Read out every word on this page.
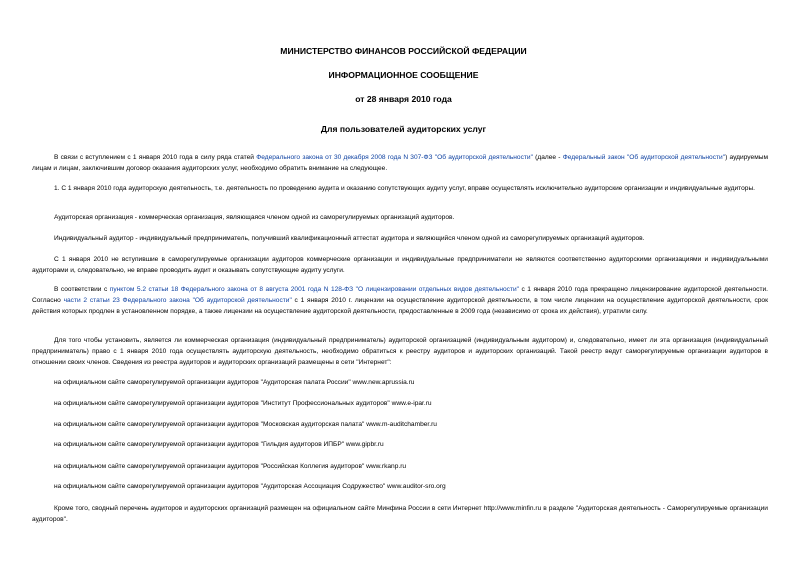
МИНИСТЕРСТВО ФИНАНСОВ РОССИЙСКОЙ ФЕДЕРАЦИИ
ИНФОРМАЦИОННОЕ СООБЩЕНИЕ
от 28 января 2010 года
Для пользователей аудиторских услуг
В связи с вступлением с 1 января 2010 года в силу ряда статей Федерального закона от 30 декабря 2008 года N 307-ФЗ "Об аудиторской деятельности" (далее - Федеральный закон "Об аудиторской деятельности") аудируемым лицам и лицам, заключившим договор оказания аудиторских услуг, необходимо обратить внимание на следующее.
1. С 1 января 2010 года аудиторскую деятельность, т.е. деятельность по проведению аудита и оказанию сопутствующих аудиту услуг, вправе осуществлять исключительно аудиторские организации и индивидуальные аудиторы.
Аудиторская организация - коммерческая организация, являющаяся членом одной из саморегулируемых организаций аудиторов.
Индивидуальный аудитор - индивидуальный предприниматель, получивший квалификационный аттестат аудитора и являющийся членом одной из саморегулируемых организаций аудиторов.
С 1 января 2010 не вступившие в саморегулируемые организации аудиторов коммерческие организации и индивидуальные предприниматели не являются соответственно аудиторскими организациями и индивидуальными аудиторами и, следовательно, не вправе проводить аудит и оказывать сопутствующие аудиту услуги.
В соответствии с пунктом 5.2 статьи 18 Федерального закона от 8 августа 2001 года N 128-ФЗ "О лицензировании отдельных видов деятельности" с 1 января 2010 года прекращено лицензирование аудиторской деятельности. Согласно части 2 статьи 23 Федерального закона "Об аудиторской деятельности" с 1 января 2010 г. лицензии на осуществление аудиторской деятельности, в том числе лицензии на осуществление аудиторской деятельности, срок действия которых продлен в установленном порядке, а также лицензии на осуществление аудиторской деятельности, предоставленные в 2009 года (независимо от срока их действия), утратили силу.
Для того чтобы установить, является ли коммерческая организация (индивидуальный предприниматель) аудиторской организацией (индивидуальным аудитором) и, следовательно, имеет ли эта организация (индивидуальный предприниматель) право с 1 января 2010 года осуществлять аудиторскую деятельность, необходимо обратиться к реестру аудиторов и аудиторских организаций. Такой реестр ведут саморегулируемые организации аудиторов в отношении своих членов. Сведения из реестра аудиторов и аудиторских организаций размещены в сети "Интернет":
на официальном сайте саморегулируемой организации аудиторов "Аудиторская палата России" www.new.apruss​ia.ru
на официальном сайте саморегулируемой организации аудиторов "Институт Профессиональных аудиторов" www.e-ipar.ru
на официальном сайте саморегулируемой организации аудиторов "Московская аудиторская палата" www.m-auditchamber.ru
на официальном сайте саморегулируемой организации аудиторов "Гильдия аудиторов ИПБР" www.gipbr.ru
на официальном сайте саморегулируемой организации аудиторов "Российская Коллегия аудиторов" www.rkanp.ru
на официальном сайте саморегулируемой организации аудиторов "Аудиторская Ассоциация Содружество" www.auditor-sro.org
Кроме того, сводный перечень аудиторов и аудиторских организаций размещен на официальном сайте Минфина России в сети Интернет http://www.minfin.ru в разделе "Аудиторская деятельность - Саморегулируемые организации аудиторов".
